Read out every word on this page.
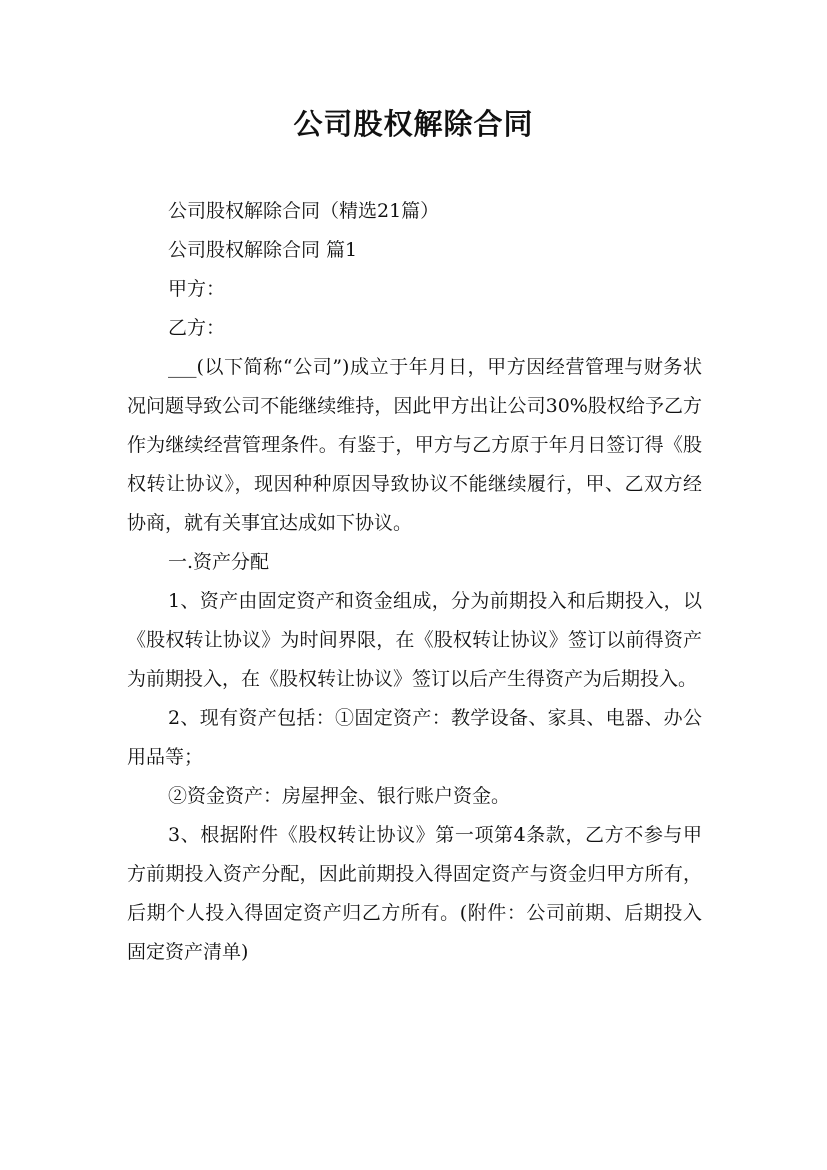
公司股权解除合同

公司股权解除合同（精选21篇）

公司股权解除合同 篇1

甲方：

乙方：

___(以下简称“公司”)成立于年月日，甲方因经营管理与财务状况问题导致公司不能继续维持，因此甲方出让公司30%股权给予乙方作为继续经营管理条件。有鉴于，甲方与乙方原于年月日签订得《股权转让协议》，现因种种原因导致协议不能继续履行，甲、乙双方经协商，就有关事宜达成如下协议。

一.资产分配

1、资产由固定资产和资金组成，分为前期投入和后期投入，以《股权转让协议》为时间界限，在《股权转让协议》签订以前得资产为前期投入，在《股权转让协议》签订以后产生得资产为后期投入。

2、现有资产包括：①固定资产：教学设备、家具、电器、办公用品等；

②资金资产：房屋押金、银行账户资金。

3、根据附件《股权转让协议》第一项第4条款，乙方不参与甲方前期投入资产分配，因此前期投入得固定资产与资金归甲方所有，后期个人投入得固定资产归乙方所有。(附件：公司前期、后期投入固定资产清单)
